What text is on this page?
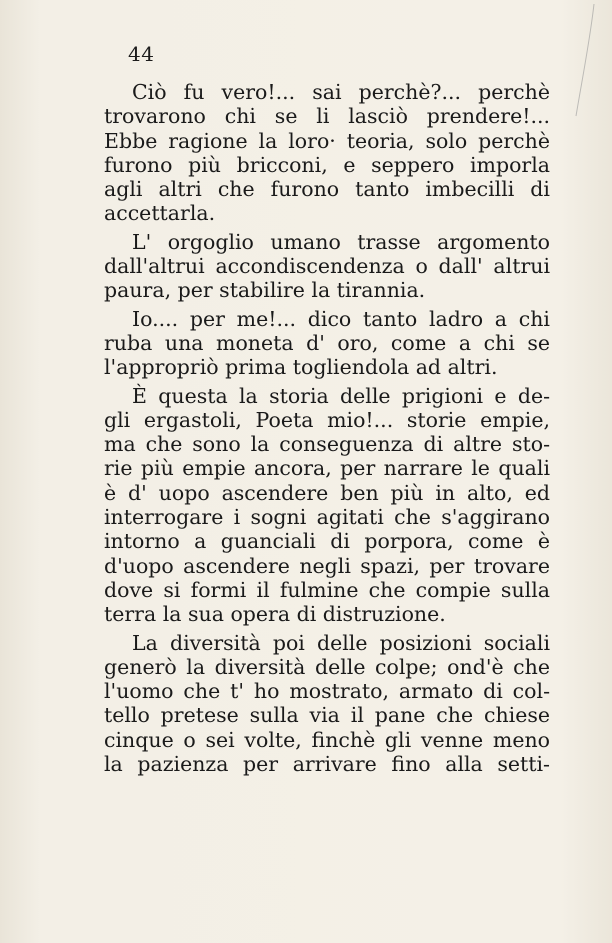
44
Ciò fu vero!... sai perchè?... perchè
trovarono chi se li lasciò prendere!...
Ebbe ragione la loro· teoria, solo perchè
furono più bricconi, e seppero imporla
agli altri che furono tanto imbecilli di
accettarla.
L' orgoglio umano trasse argomento
dall'altrui accondiscendenza o dall' altrui
paura, per stabilire la tirannia.
Io.... per me!... dico tanto ladro a chi
ruba una moneta d' oro, come a chi se
l'appropriò prima togliendola ad altri.
È questa la storia delle prigioni e de-
gli ergastoli, Poeta mio!... storie empie,
ma che sono la conseguenza di altre sto-
rie più empie ancora, per narrare le quali
è d' uopo ascendere ben più in alto, ed
interrogare i sogni agitati che s'aggirano
intorno a guanciali di porpora, come è
d'uopo ascendere negli spazi, per trovare
dove si formi il fulmine che compie sulla
terra la sua opera di distruzione.
La diversità poi delle posizioni sociali
generò la diversità delle colpe; ond'è che
l'uomo che t' ho mostrato, armato di col-
tello pretese sulla via il pane che chiese
cinque o sei volte, finchè gli venne meno
la pazienza per arrivare fino alla setti-
